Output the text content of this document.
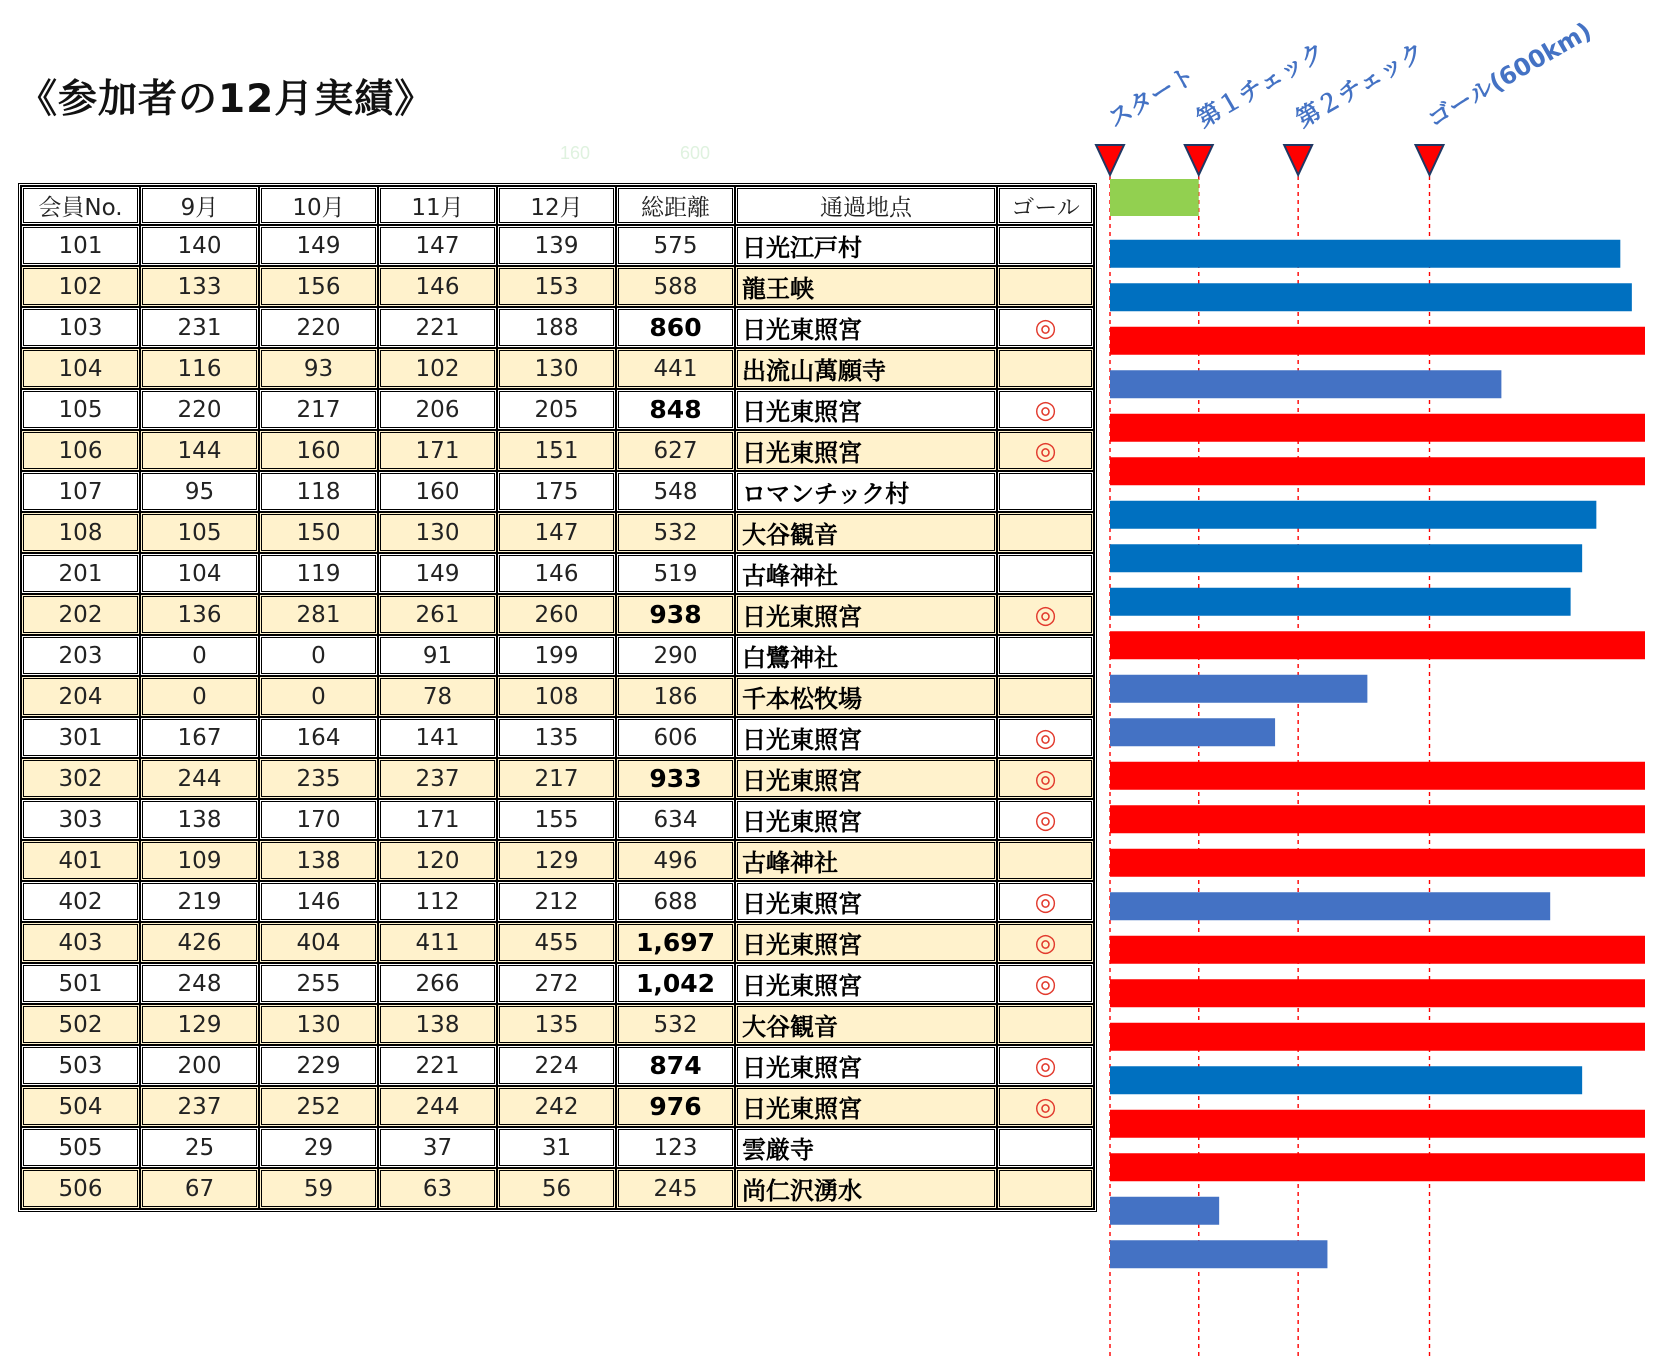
《参加者の12月実績》
160	600
会員No.	9月	10月	11月	12月	総距離	通過地点	ゴール
101	140	149	147	139	575	日光江戸村	
102	133	156	146	153	588	龍王峡	
103	231	220	221	188	860	日光東照宮	◎
104	116	93	102	130	441	出流山萬願寺	
105	220	217	206	205	848	日光東照宮	◎
106	144	160	171	151	627	日光東照宮	◎
107	95	118	160	175	548	ロマンチック村	
108	105	150	130	147	532	大谷観音	
201	104	119	149	146	519	古峰神社	
202	136	281	261	260	938	日光東照宮	◎
203	0	0	91	199	290	白鷺神社	
204	0	0	78	108	186	千本松牧場	
301	167	164	141	135	606	日光東照宮	◎
302	244	235	237	217	933	日光東照宮	◎
303	138	170	171	155	634	日光東照宮	◎
401	109	138	120	129	496	古峰神社	
402	219	146	112	212	688	日光東照宮	◎
403	426	404	411	455	1,697	日光東照宮	◎
501	248	255	266	272	1,042	日光東照宮	◎
502	129	130	138	135	532	大谷観音	
503	200	229	221	224	874	日光東照宮	◎
504	237	252	244	242	976	日光東照宮	◎
505	25	29	37	31	123	雲厳寺	
506	67	59	63	56	245	尚仁沢湧水	
スタート
第１チェック
第２チェック
ゴール(600km)
